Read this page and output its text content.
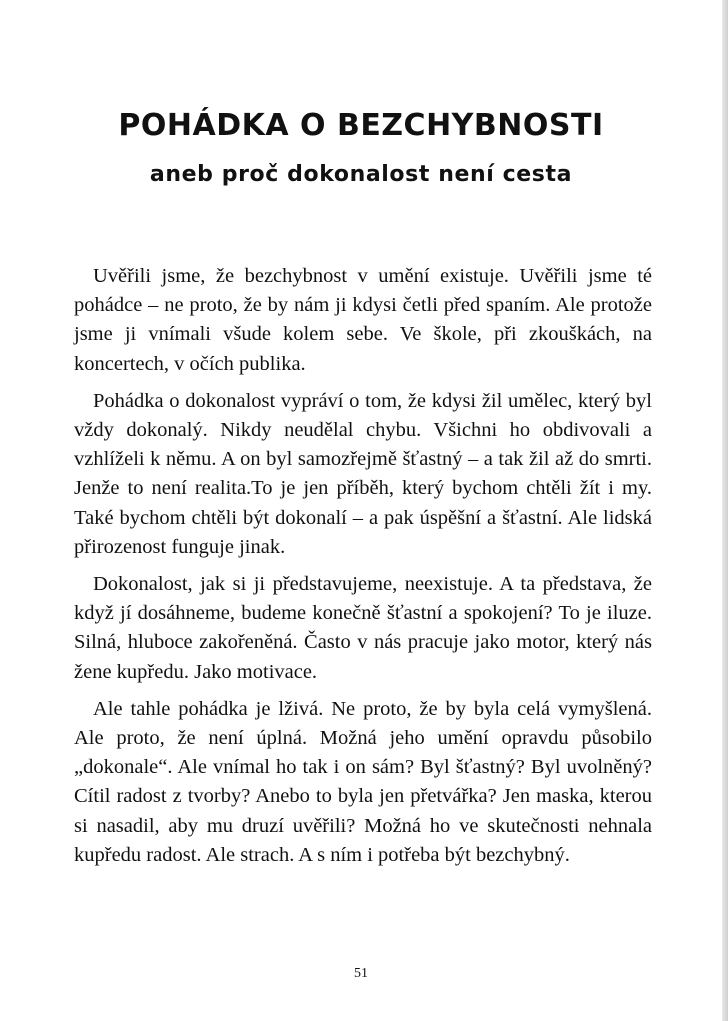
POHÁDKA O BEZCHYBNOSTI
aneb proč dokonalost není cesta

Uvěřili jsme, že bezchybnost v umění existuje. Uvěřili jsme té pohádce – ne proto, že by nám ji kdysi četli před spaním. Ale protože jsme ji vnímali všude kolem sebe. Ve škole, při zkouškách, na koncertech, v očích publika.

Pohádka o dokonalost vypráví o tom, že kdysi žil umělec, který byl vždy dokonalý. Nikdy neudělal chybu. Všichni ho obdivovali a vzhlíželi k němu. A on byl samozřejmě šťastný – a tak žil až do smrti. Jenže to není realita.To je jen příběh, který bychom chtěli žít i my. Také bychom chtěli být dokonalí – a pak úspěšní a šťastní. Ale lidská přirozenost funguje jinak.

Dokonalost, jak si ji představujeme, neexistuje. A ta představa, že když jí dosáhneme, budeme konečně šťastní a spokojení? To je iluze. Silná, hluboce zakořeněná. Často v nás pracuje jako motor, který nás žene kupředu. Jako motivace.

Ale tahle pohádka je lživá. Ne proto, že by byla celá vymyšlená. Ale proto, že není úplná. Možná jeho umění opravdu působilo „dokonale“. Ale vnímal ho tak i on sám? Byl šťastný? Byl uvolněný? Cítil radost z tvorby? Anebo to byla jen přetvářka? Jen maska, kterou si nasadil, aby mu druzí uvěřili? Možná ho ve skutečnosti nehnala kupředu radost. Ale strach. A s ním i potřeba být bezchybný.

51
